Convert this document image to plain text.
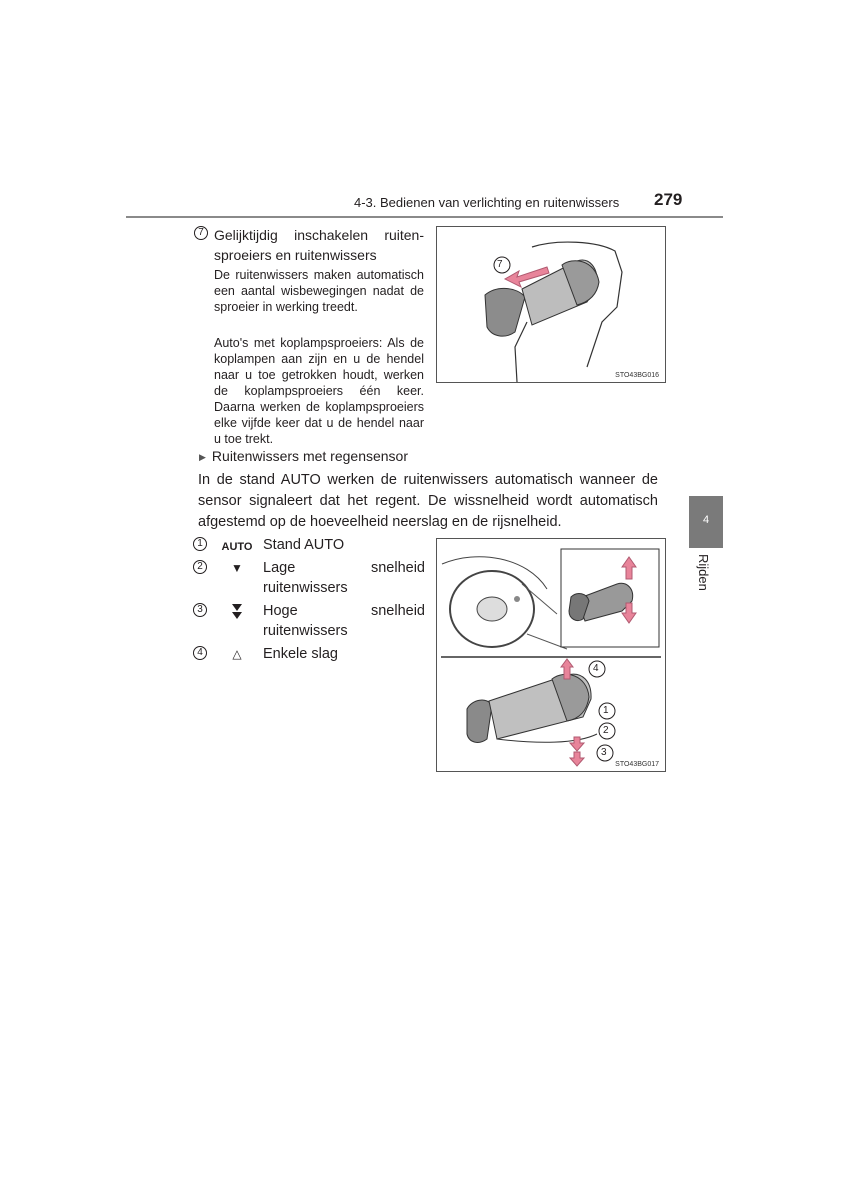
4-3. Bedienen van verlichting en ruitenwissers 279
4
Rijden
7 Gelijktijdig inschakelen ruiten-sproeiers en ruitenwissers
De ruitenwissers maken automatisch een aantal wisbewegingen nadat de sproeier in werking treedt.
Auto's met koplampsproeiers: Als de koplampen aan zijn en u de hendel naar u toe getrokken houdt, werken de koplampsproeiers één keer. Daarna werken de koplampsproeiers elke vijfde keer dat u de hendel naar u toe trekt.
▶ Ruitenwissers met regensensor
In de stand AUTO werken de ruitenwissers automatisch wanneer de sensor signaleert dat het regent. De wissnelheid wordt automatisch afgestemd op de hoeveelheid neerslag en de rijsnelheid.
1	AUTO Stand AUTO
2	▼	Lage snelheid ruitenwissers
3	Hoge snelheid ruitenwissers
4	△	Enkele slag
7
STO43BG016
4
1
2
3
STO43BG017
